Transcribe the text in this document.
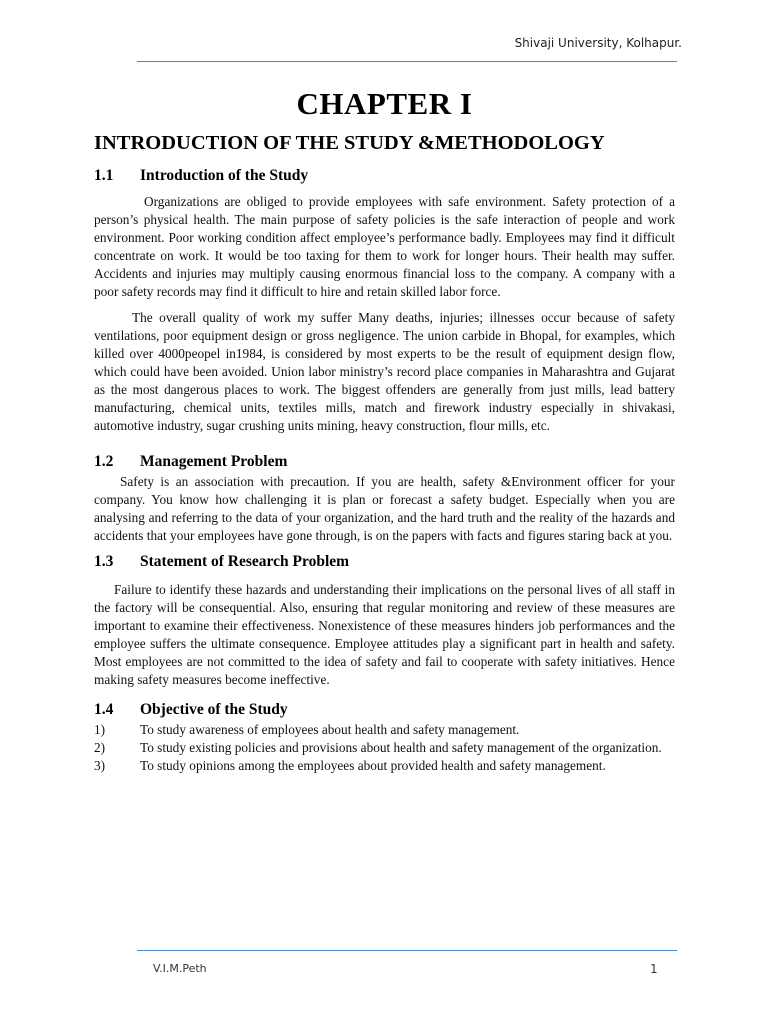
Shivaji University, Kolhapur.
CHAPTER I
INTRODUCTION OF THE STUDY &METHODOLOGY
1.1	Introduction of the Study

Organizations are obliged to provide employees with safe environment. Safety protection of a person’s physical health. The main purpose of safety policies is the safe interaction of people and work environment. Poor working condition affect employee’s performance badly. Employees may find it difficult concentrate on work. It would be too taxing for them to work for longer hours. Their health may suffer. Accidents and injuries may multiply causing enormous financial loss to the company. A company with a poor safety records may find it difficult to hire and retain skilled labor force.

The overall quality of work my suffer Many deaths, injuries; illnesses occur because of safety ventilations, poor equipment design or gross negligence. The union carbide in Bhopal, for examples, which killed over 4000peopel in1984, is considered by most experts to be the result of equipment design flow, which could have been avoided. Union labor ministry’s record place companies in Maharashtra and Gujarat as the most dangerous places to work. The biggest offenders are generally from just mills, lead battery manufacturing, chemical units, textiles mills, match and firework industry especially in shivakasi, automotive industry, sugar crushing units mining, heavy construction, flour mills, etc.

1.2	Management Problem

Safety is an association with precaution. If you are health, safety &Environment officer for your company. You know how challenging it is plan or forecast a safety budget. Especially when you are analysing and referring to the data of your organization, and the hard truth and the reality of the hazards and accidents that your employees have gone through, is on the papers with facts and figures staring back at you.

1.3	Statement of Research Problem

Failure to identify these hazards and understanding their implications on the personal lives of all staff in the factory will be consequential. Also, ensuring that regular monitoring and review of these measures are important to examine their effectiveness. Nonexistence of these measures hinders job performances and the employee suffers the ultimate consequence. Employee attitudes play a significant part in health and safety. Most employees are not committed to the idea of safety and fail to cooperate with safety initiatives. Hence making safety measures become ineffective.

1.4	Objective of the Study
1)	To study awareness of employees about health and safety management.
2)	To study existing policies and provisions about health and safety management of the organization.
3)	To study opinions among the employees about provided health and safety management.
V.I.M.Peth	1
